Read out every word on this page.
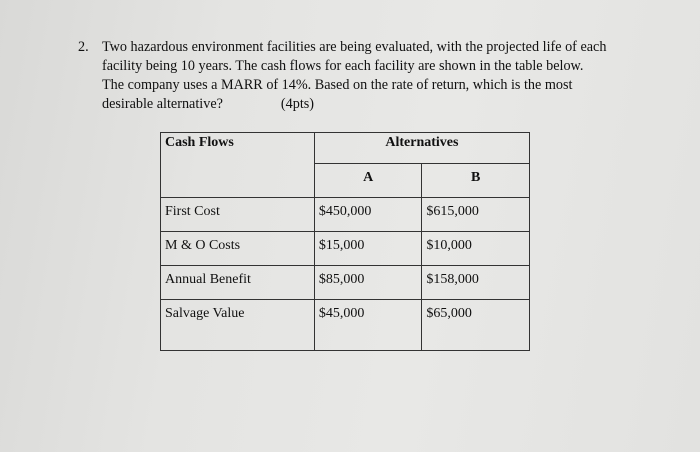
2. Two hazardous environment facilities are being evaluated, with the projected life of each
facility being 10 years. The cash flows for each facility are shown in the table below.
The company uses a MARR of 14%. Based on the rate of return, which is the most
desirable alternative?	(4pts)
Cash Flows	Alternatives	
	A	B
First Cost	$450,000	$615,000
M & O Costs	$15,000	$10,000
Annual Benefit	$85,000	$158,000
Salvage Value	$45,000	$65,000
